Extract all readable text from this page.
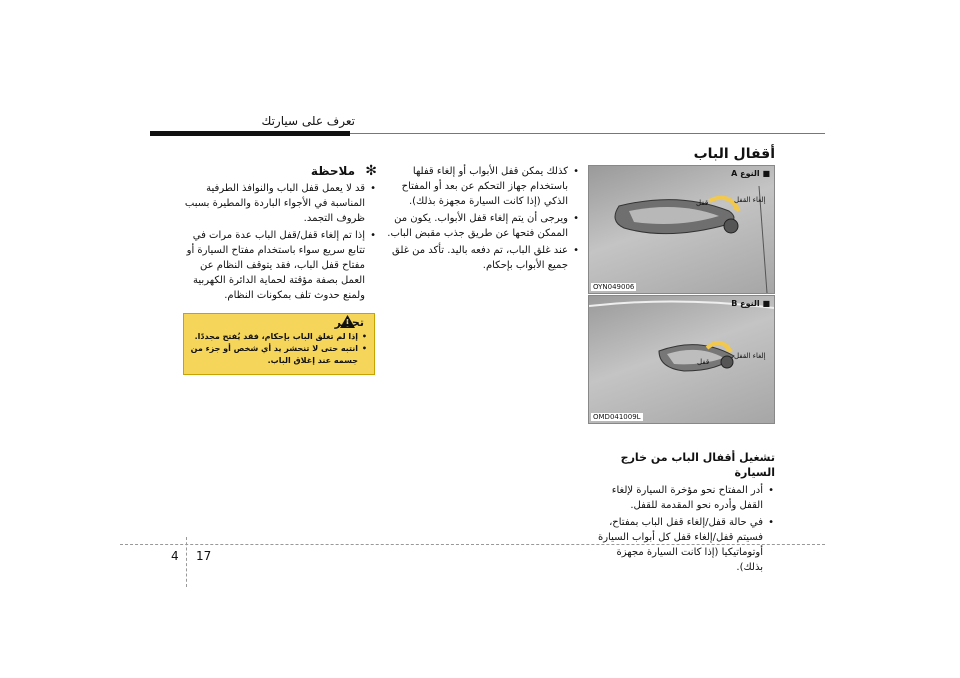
تعرف على سيارتك
أقفال الباب
■ النوع A
إلغاء القفل
قفل
OYN049006
■ النوع B
إلغاء القفل
قفل
OMD041009L
تشغيل أقفال الباب من خارج السيارة
• أدر المفتاح نحو مؤخرة السيارة لإلغاء القفل وأدره نحو المقدمة للقفل.
• في حالة قفل/إلغاء قفل الباب بمفتاح، فسيتم قفل/إلغاء قفل كل أبواب السيارة أوتوماتيكيا (إذا كانت السيارة مجهزة بذلك).
• كذلك يمكن قفل الأبواب أو إلغاء قفلها باستخدام جهاز التحكم عن بعد أو المفتاح الذكي (إذا كانت السيارة مجهزة بذلك).
• ويرجى أن يتم إلغاء قفل الأبواب. يكون من الممكن فتحها عن طريق جذب مقبض الباب.
• عند غلق الباب، تم دفعه باليد. تأكد من غلق جميع الأبواب بإحكام.
✻ ملاحظة
• قد لا يعمل قفل الباب والنوافذ الطرفية المناسبة في الأجواء الباردة والمطيرة بسبب ظروف التجمد.
• إذا تم إلغاء قفل/قفل الباب عدة مرات في تتابع سريع سواء باستخدام مفتاح السيارة أو مفتاح قفل الباب، فقد يتوقف النظام عن العمل بصفة مؤقتة لحماية الدائرة الكهربية ولمنع حدوث تلف بمكونات النظام.
تحذير
• إذا لم تغلق الباب بإحكام، فقد يُفتح مجددًا.
• انتبه حتى لا تنحشر يد أي شخص أو جزء من جسمه عند إغلاق الباب.
17
4
